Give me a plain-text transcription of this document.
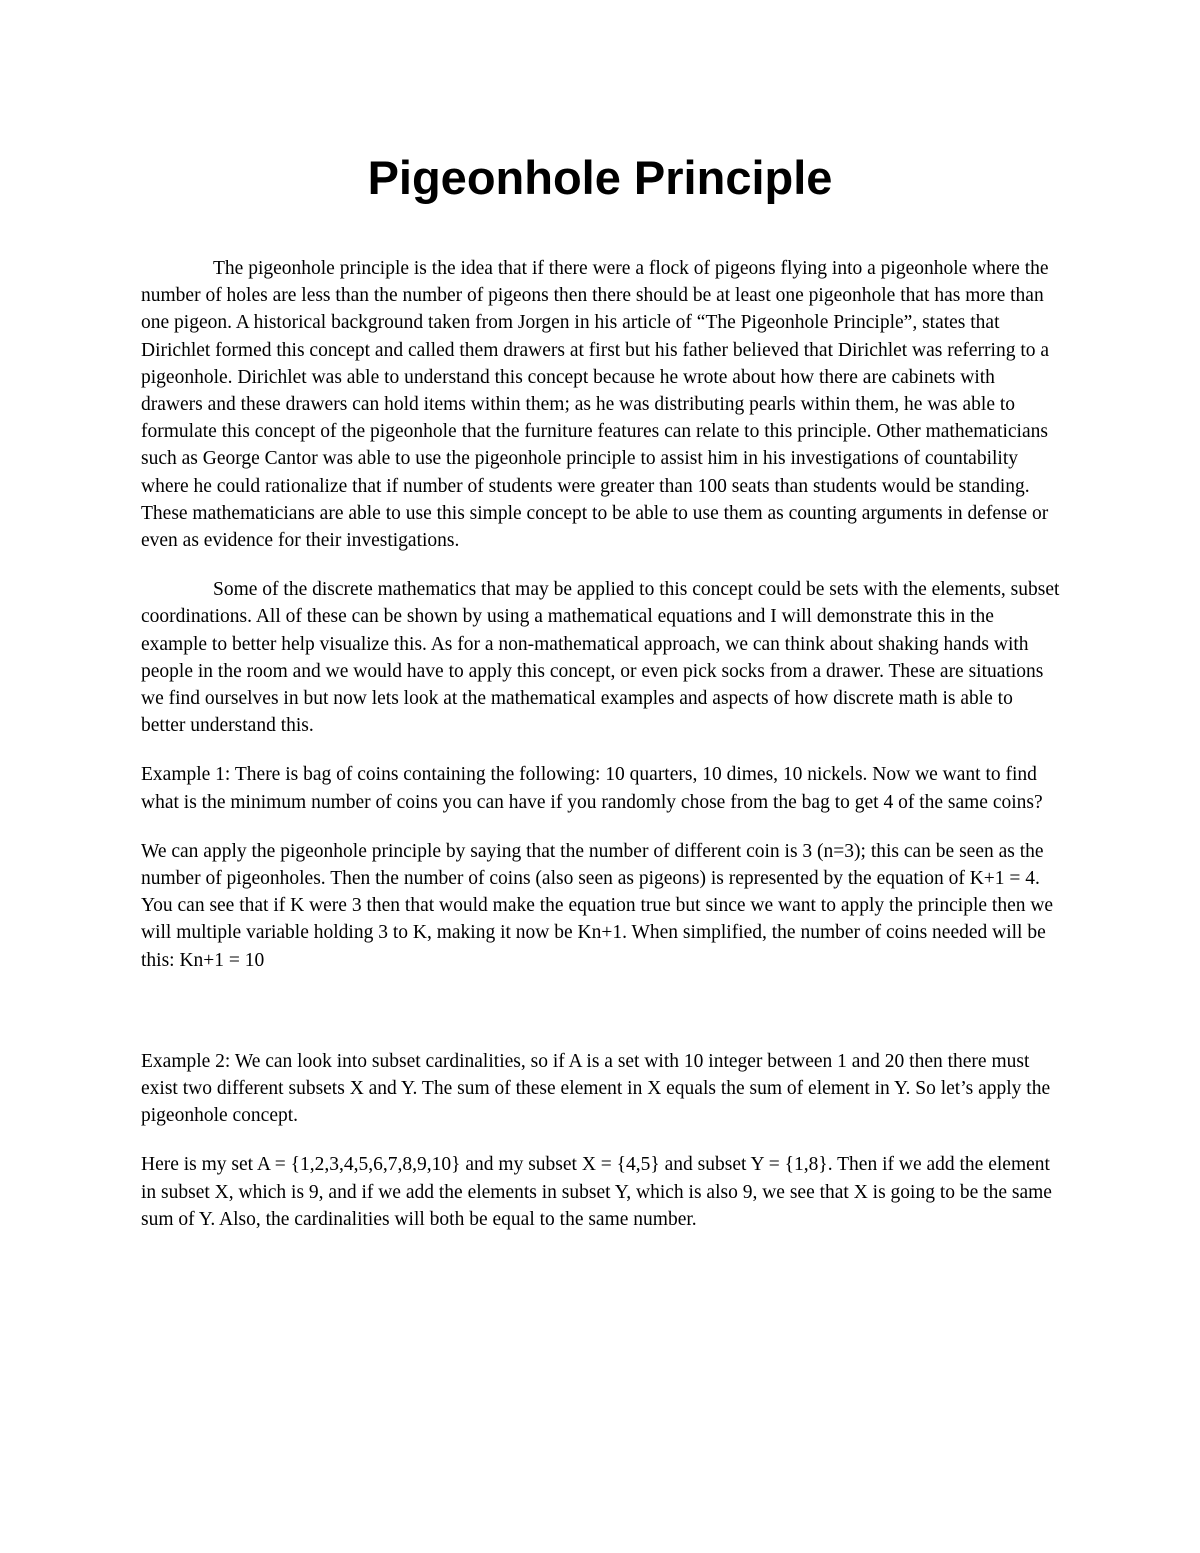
Pigeonhole Principle

The pigeonhole principle is the idea that if there were a flock of pigeons flying into a pigeonhole where the number of holes are less than the number of pigeons then there should be at least one pigeonhole that has more than one pigeon. A historical background taken from Jorgen in his article of “The Pigeonhole Principle”, states that Dirichlet formed this concept and called them drawers at first but his father believed that Dirichlet was referring to a pigeonhole. Dirichlet was able to understand this concept because he wrote about how there are cabinets with drawers and these drawers can hold items within them; as he was distributing pearls within them, he was able to formulate this concept of the pigeonhole that the furniture features can relate to this principle. Other mathematicians such as George Cantor was able to use the pigeonhole principle to assist him in his investigations of countability where he could rationalize that if number of students were greater than 100 seats than students would be standing. These mathematicians are able to use this simple concept to be able to use them as counting arguments in defense or even as evidence for their investigations.

Some of the discrete mathematics that may be applied to this concept could be sets with the elements, subset coordinations. All of these can be shown by using a mathematical equations and I will demonstrate this in the example to better help visualize this. As for a non-mathematical approach, we can think about shaking hands with people in the room and we would have to apply this concept, or even pick socks from a drawer. These are situations we find ourselves in but now lets look at the mathematical examples and aspects of how discrete math is able to better understand this.

Example 1: There is bag of coins containing the following: 10 quarters, 10 dimes, 10 nickels. Now we want to find what is the minimum number of coins you can have if you randomly chose from the bag to get 4 of the same coins?

We can apply the pigeonhole principle by saying that the number of different coin is 3 (n=3); this can be seen as the number of pigeonholes. Then the number of coins (also seen as pigeons) is represented by the equation of K+1 = 4. You can see that if K were 3 then that would make the equation true but since we want to apply the principle then we will multiple variable holding 3 to K, making it now be Kn+1. When simplified, the number of coins needed will be this: Kn+1 = 10

Example 2: We can look into subset cardinalities, so if A is a set with 10 integer between 1 and 20 then there must exist two different subsets X and Y. The sum of these element in X equals the sum of element in Y. So let’s apply the pigeonhole concept.

Here is my set A = {1,2,3,4,5,6,7,8,9,10} and my subset X = {4,5} and subset Y = {1,8}. Then if we add the element in subset X, which is 9, and if we add the elements in subset Y, which is also 9, we see that X is going to be the same sum of Y. Also, the cardinalities will both be equal to the same number.
